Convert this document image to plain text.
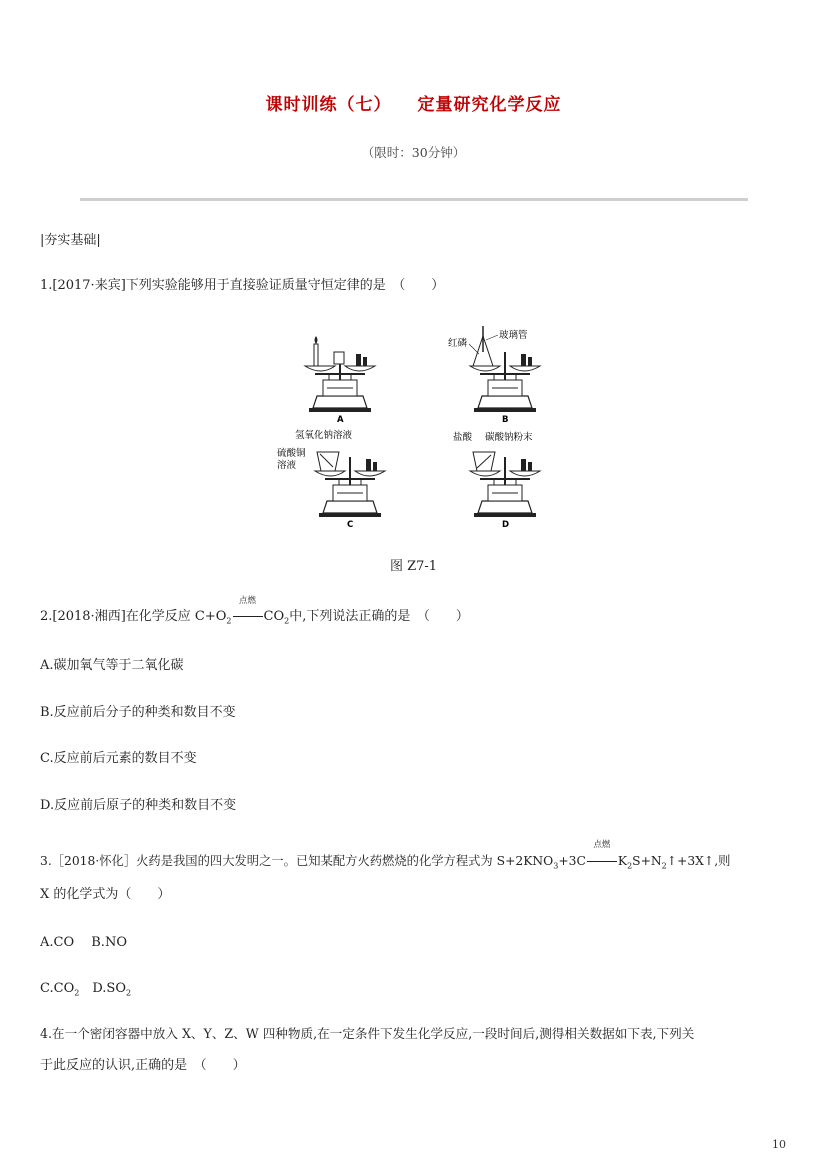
课时训练（七） 定量研究化学反应
（限时：30分钟）
|夯实基础|
1.[2017·来宾]下列实验能够用于直接验证质量守恒定律的是　（　　）
A
红磷
玻璃管
B
氢氧化钠溶液
硫酸铜
溶液
C
盐酸 碳酸钠粉末
D
图 Z7-1
2.[2018·湘西]在化学反应 $C+O_2$
点燃
$CO_2$中,下列说法正确的是　（　　）
A.碳加氧气等于二氧化碳
B.反应前后分子的种类和数目不变
C.反应前后元素的数目不变
D.反应前后原子的种类和数目不变
3.［2018·怀化］火药是我国的四大发明之一。已知某配方火药燃烧的化学方程式为 $S+2KNO_3+3C$
点燃
$K_2S+N_2↑+3X↑$,则
X 的化学式为（　　）
A.CO　 B.NO
$C.CO_2$　$D.SO_2$
4.在一个密闭容器中放入 X、Y、Z、W 四种物质,在一定条件下发生化学反应,一段时间后,测得相关数据如下表,下列关
于此反应的认识,正确的是　（　　）
10
